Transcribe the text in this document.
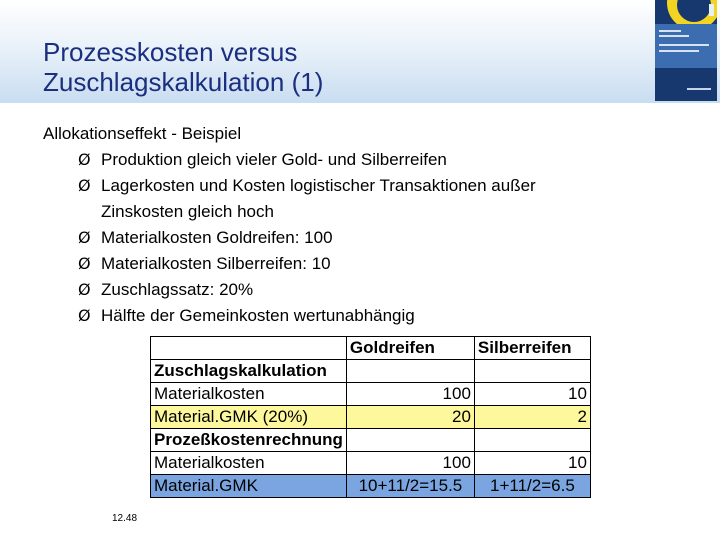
Prozesskosten versus
Zuschlagskalkulation (1)
Allokationseffekt - Beispiel
Ø Produktion gleich vieler Gold- und Silberreifen
Ø Lagerkosten und Kosten logistischer Transaktionen außer
Zinskosten gleich hoch
Ø Materialkosten Goldreifen: 100
Ø Materialkosten Silberreifen: 10
Ø Zuschlagssatz: 20%
Ø Hälfte der Gemeinkosten wertunabhängig
	Goldreifen	Silberreifen
Zuschlagskalkulation		
Materialkosten	100	10
Material.GMK (20%)	20	2
Prozeßkostenrechnung		
Materialkosten	100	10
Material.GMK	10+11/2=15.5	1+11/2=6.5
12.48
